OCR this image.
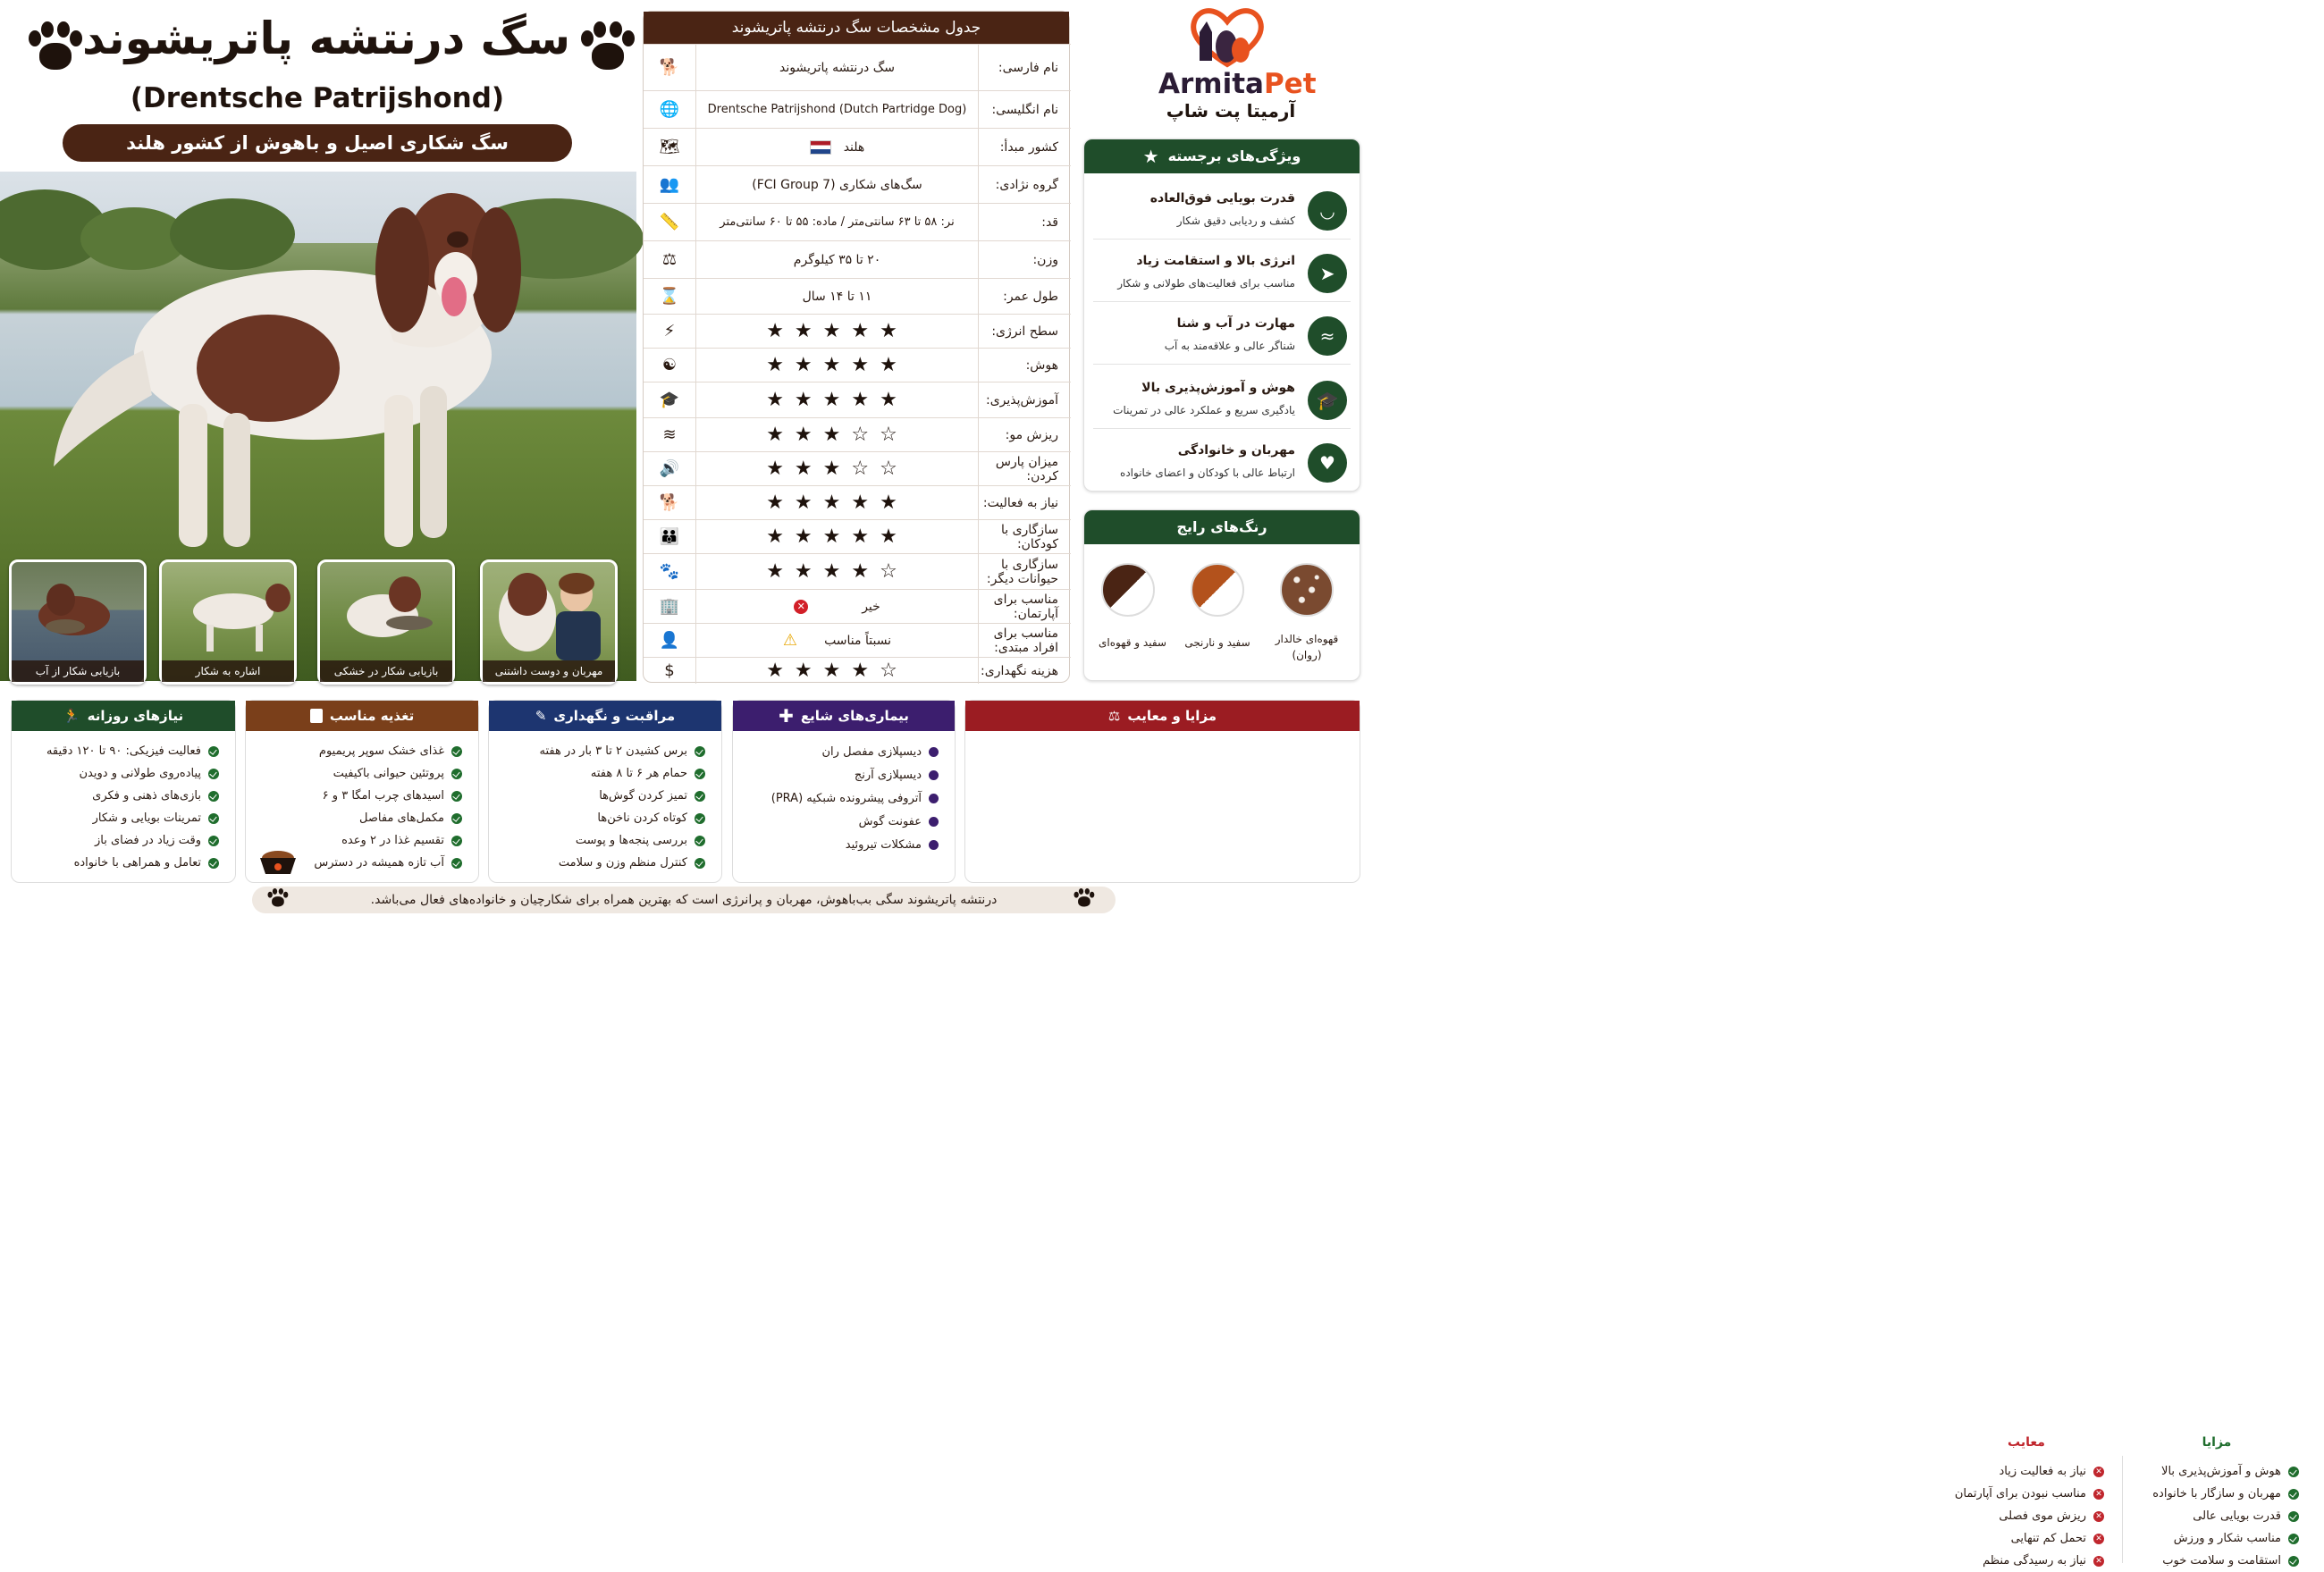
سگ درنتشه پاتریشوند
(Drentsche Patrijshond)
سگ شکاری اصیل و باهوش از کشور هلند
بازیابی شکار از آب	اشاره به شکار	بازیابی شکار در خشکی	مهربان و دوست داشتنی
جدول مشخصات سگ درنتشه پاتریشوند
نام فارسی:
سگ درنتشه پاتریشوند
🐕
نام انگلیسی:
Drentsche Patrijshond (Dutch Partridge Dog)
🌐
کشور مبدأ:
هلند
🗺
گروه نژادی:
سگ‌های شکاری (FCI Group 7)
👥
قد:
نر: ۵۸ تا ۶۳ سانتی‌متر / ماده: ۵۵ تا ۶۰ سانتی‌متر
📏
وزن:
۲۰ تا ۳۵ کیلوگرم
⚖
طول عمر:
۱۱ تا ۱۴ سال
⌛
سطح انرژی:
★★★★★
⚡
هوش:
★★★★★
☯
آموزش‌پذیری:
★★★★★
🎓
ریزش مو:
★★★☆☆
≋
میزان پارس کردن:
★★★☆☆
🔊
نیاز به فعالیت:
★★★★★
🐕
سازگاری با کودکان:
★★★★★
👪
سازگاری با حیوانات دیگر:
★★★★☆
🐾
مناسب برای آپارتمان:
خیر
✕
🏢
مناسب برای افراد مبتدی:
نسبتاً مناسب
⚠
👤
هزینه نگهداری:
★★★★☆
$
ArmitaPet
آرمیتا پت شاپ
ویژگی‌های برجسته
★
◡
قدرت بویایی فوق‌العاده
کشف و ردیابی دقیق شکار
➤
انرژی بالا و استقامت زیاد
مناسب برای فعالیت‌های طولانی و شکار
≈
مهارت در آب و شنا
شناگر عالی و علاقه‌مند به آب
🎓
هوش و آموزش‌پذیری بالا
یادگیری سریع و عملکرد عالی در تمرینات
♥
مهربان و خانوادگی
ارتباط عالی با کودکان و اعضای خانواده
رنگ‌های رایج
قهوه‌ای خالدار
(روان)
سفید و نارنجی
سفید و قهوه‌ای
نیازهای روزانه
🏃
فعالیت فیزیکی: ۹۰ تا ۱۲۰ دقیقه
پیاده‌روی طولانی و دویدن
بازی‌های ذهنی و فکری
تمرینات بویایی و شکار
وقت زیاد در فضای باز
تعامل و همراهی با خانواده
تغذیه مناسب
غذای خشک سوپر پریمیوم
پروتئین حیوانی باکیفیت
اسیدهای چرب امگا ۳ و ۶
مکمل‌های مفاصل
تقسیم غذا در ۲ وعده
آب تازه همیشه در دسترس
مراقبت و نگهداری
✎
برس کشیدن ۲ تا ۳ بار در هفته
حمام هر ۶ تا ۸ هفته
تمیز کردن گوش‌ها
کوتاه کردن ناخن‌ها
بررسی پنجه‌ها و پوست
کنترل منظم وزن و سلامت
بیماری‌های شایع
✚
دیسپلازی مفصل ران
دیسپلازی آرنج
آتروفی پیشرونده شبکیه (PRA)
عفونت گوش
مشکلات تیروئید
مزایا و معایب
⚖
مزایا
معایب
هوش و آموزش‌پذیری بالا
مهربان و سازگار با خانواده
قدرت بویایی عالی
مناسب شکار و ورزش
استقامت و سلامت خوب
✕
نیاز به فعالیت زیاد
✕
مناسب نبودن برای آپارتمان
✕
ریزش موی فصلی
✕
تحمل کم تنهایی
✕
نیاز به رسیدگی منظم
درنتشه پاتریشوند سگی بب‌باهوش، مهربان و پرانرژی است که بهترین همراه برای شکارچیان و خانواده‌های فعال می‌باشد.
